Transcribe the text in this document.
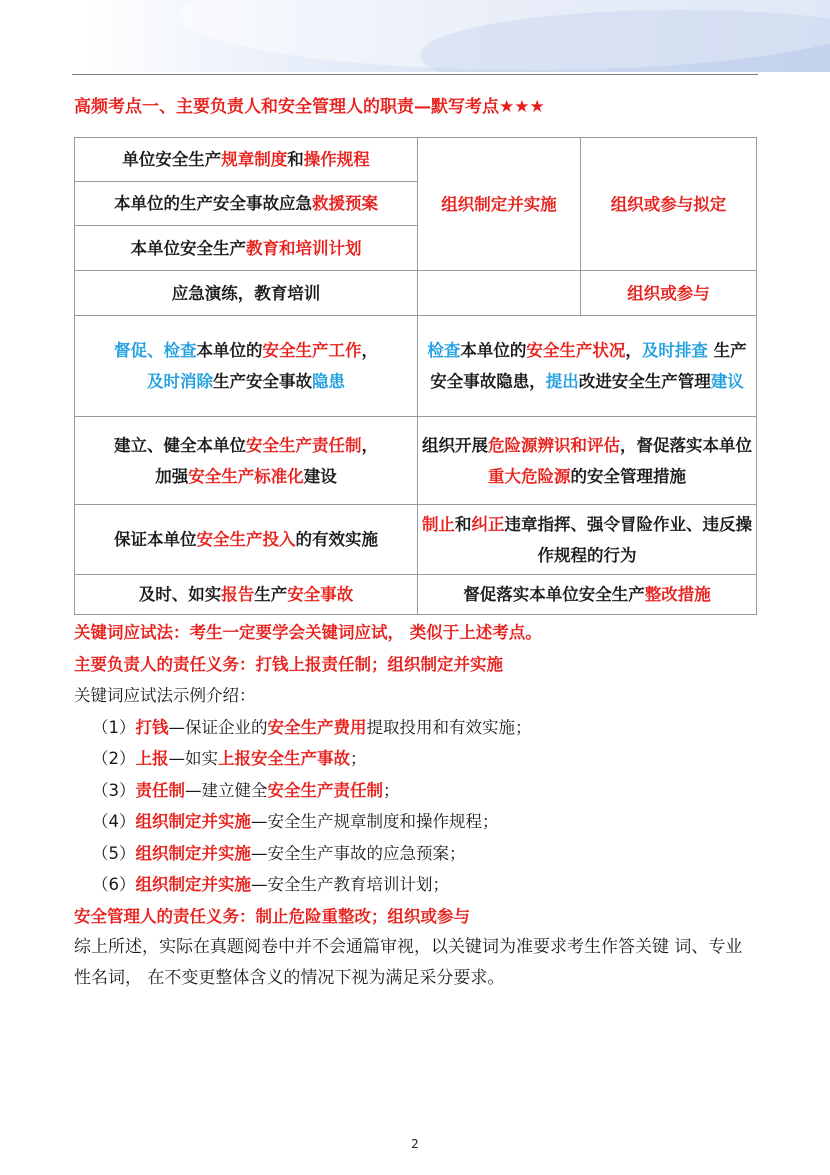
高频考点一、主要负责人和安全管理人的职责—默写考点★★★
单位安全生产规章制度和操作规程	组织制定并实施	组织或参与拟定
本单位的生产安全事故应急救援预案		
本单位安全生产教育和培训计划		
应急演练，教育培训		组织或参与
督促、检查本单位的安全生产工作，
及时消除生产安全事故隐患	检查本单位的安全生产状况，及时排查 生产安全事故隐患，提出改进安全生产管理建议	
建立、健全本单位安全生产责任制，
加强安全生产标准化建设	组织开展危险源辨识和评估，督促落实本单位重大危险源的安全管理措施	
保证本单位安全生产投入的有效实施	制止和纠正违章指挥、强令冒险作业、违反操作规程的行为	
及时、如实报告生产安全事故	督促落实本单位安全生产整改措施	
关键词应试法：考生一定要学会关键词应试， 类似于上述考点。
主要负责人的责任义务：打钱上报责任制；组织制定并实施
关键词应试法示例介绍：
（1）打钱—保证企业的安全生产费用提取投用和有效实施；
（2）上报—如实上报安全生产事故；
（3）责任制—建立健全安全生产责任制；
（4）组织制定并实施—安全生产规章制度和操作规程；
（5）组织制定并实施—安全生产事故的应急预案；
（6）组织制定并实施—安全生产教育培训计划；
安全管理人的责任义务：制止危险重整改；组织或参与
综上所述，实际在真题阅卷中并不会通篇审视，以关键词为准要求考生作答关键 词、专业性名词， 在不变更整体含义的情况下视为满足采分要求。
2
